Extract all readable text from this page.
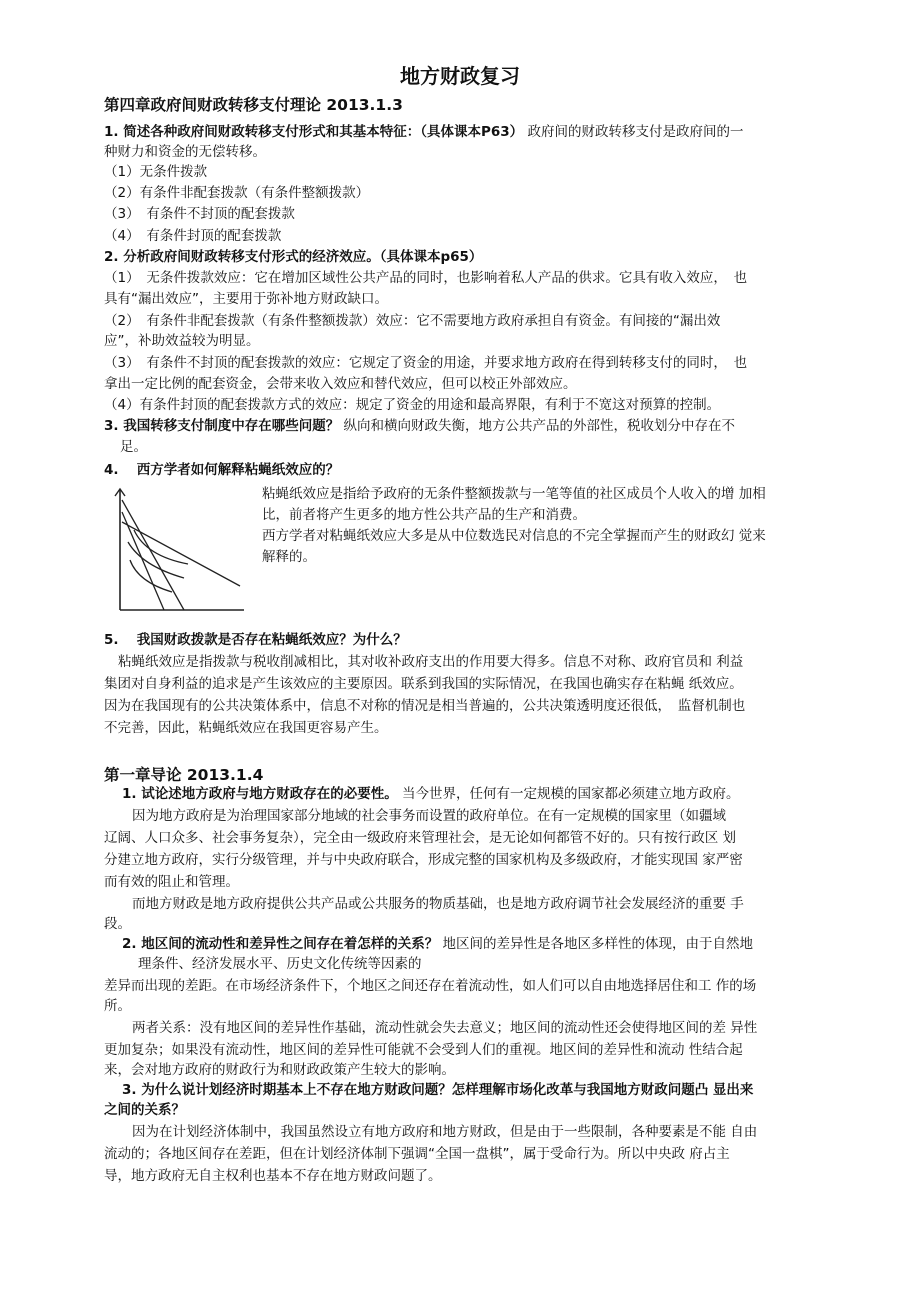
地方财政复习
第四章政府间财政转移支付理论 2013.1.3
1. 简述各种政府间财政转移支付形式和其基本特征：（具体课本P63） 政府间的财政转移支付是政府间的一
种财力和资金的无偿转移。
（1）无条件拨款
（2）有条件非配套拨款（有条件整额拨款）
（3）　有条件不封顶的配套拨款
（4）　有条件封顶的配套拨款
2. 分析政府间财政转移支付形式的经济效应。（具体课本p65）
（1）　无条件拨款效应：它在增加区域性公共产品的同时，也影响着私人产品的供求。它具有收入效应，　也
具有“漏出效应”，主要用于弥补地方财政缺口。
（2）　有条件非配套拨款（有条件整额拨款）效应：它不需要地方政府承担自有资金。有间接的“漏出效
应”，补助效益较为明显。
（3）　有条件不封顶的配套拨款的效应：它规定了资金的用途，并要求地方政府在得到转移支付的同时，　也
拿出一定比例的配套资金，会带来收入效应和替代效应，但可以校正外部效应。
（4）有条件封顶的配套拨款方式的效应：规定了资金的用途和最高界限，有利于不宽这对预算的控制。
3. 我国转移支付制度中存在哪些问题？ 纵向和横向财政失衡，地方公共产品的外部性，税收划分中存在不
足。
4.　 西方学者如何解释粘蝇纸效应的？
粘蝇纸效应是指给予政府的无条件整额拨款与一笔等值的社区成员个人收入的增 加相
比，前者将产生更多的地方性公共产品的生产和消费。
西方学者对粘蝇纸效应大多是从中位数选民对信息的不完全掌握而产生的财政幻 觉来
解释的。
5.　 我国财政拨款是否存在粘蝇纸效应？为什么？
粘蝇纸效应是指拨款与税收削减相比，其对收补政府支出的作用要大得多。信息不对称、政府官员和 利益
集团对自身利益的追求是产生该效应的主要原因。联系到我国的实际情况，在我国也确实存在粘蝇 纸效应。
因为在我国现有的公共决策体系中，信息不对称的情况是相当普遍的，公共决策透明度还很低，　监督机制也
不完善，因此，粘蝇纸效应在我国更容易产生。
第一章导论 2013.1.4
1. 试论述地方政府与地方财政存在的必要性。 当今世界，任何有一定规模的国家都必须建立地方政府。
因为地方政府是为治理国家部分地域的社会事务而设置的政府单位。在有一定规模的国家里（如疆域
辽阔、人口众多、社会事务复杂），完全由一级政府来管理社会，是无论如何都管不好的。只有按行政区 划
分建立地方政府，实行分级管理，并与中央政府联合，形成完整的国家机构及多级政府，才能实现国 家严密
而有效的阻止和管理。
而地方财政是地方政府提供公共产品或公共服务的物质基础，也是地方政府调节社会发展经济的重要 手
段。
2. 地区间的流动性和差异性之间存在着怎样的关系？ 地区间的差异性是各地区多样性的体现，由于自然地
理条件、经济发展水平、历史文化传统等因素的
差异而出现的差距。在市场经济条件下，个地区之间还存在着流动性，如人们可以自由地选择居住和工 作的场
所。
两者关系：没有地区间的差异性作基础，流动性就会失去意义；地区间的流动性还会使得地区间的差 异性
更加复杂；如果没有流动性，地区间的差异性可能就不会受到人们的重视。地区间的差异性和流动 性结合起
来，会对地方政府的财政行为和财政政策产生较大的影响。
3. 为什么说计划经济时期基本上不存在地方财政问题？怎样理解市场化改革与我国地方财政问题凸 显出来
之间的关系？
因为在计划经济体制中，我国虽然设立有地方政府和地方财政，但是由于一些限制，各种要素是不能 自由
流动的；各地区间存在差距，但在计划经济体制下强调“全国一盘棋”，属于受命行为。所以中央政 府占主
导，地方政府无自主权利也基本不存在地方财政问题了。
